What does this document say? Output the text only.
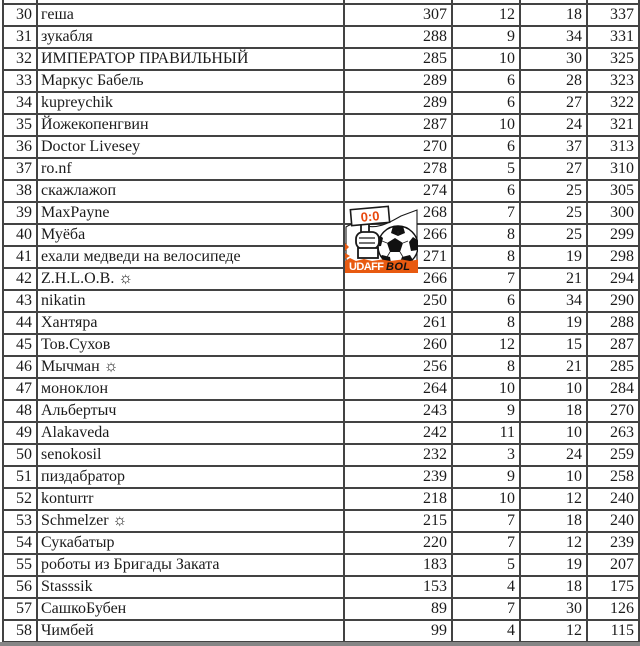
30	геша	307	12	18	337
31	зукабля	288	9	34	331
32	ИМПЕРАТОР ПРАВИЛЬНЫЙ	285	10	30	325
33	Маркус Бабель	289	6	28	323
34	kupreychik	289	6	27	322
35	Йожекопенгвин	287	10	24	321
36	Doctor Livesey	270	6	37	313
37	ro.nf	278	5	27	310
38	скажлажоп	274	6	25	305
39	MaxPayne	268	7	25	300
40	Муёба	266	8	25	299
41	ехали медведи на велосипеде	271	8	19	298
42	Z.H.L.O.B. ☼	266	7	21	294
43	nikatin	250	6	34	290
44	Хантяра	261	8	19	288
45	Тов.Сухов	260	12	15	287
46	Мычман ☼	256	8	21	285
47	моноклон	264	10	10	284
48	Альбертыч	243	9	18	270
49	Alakaveda	242	11	10	263
50	senokosil	232	3	24	259
51	пиздабратор	239	9	10	258
52	konturrr	218	10	12	240
53	Schmelzer ☼	215	7	18	240
54	Сукабатыр	220	7	12	239
55	роботы из Бригады Заката	183	5	19	207
56	Stasssik	153	4	18	175
57	СашкоБубен	89	7	30	126
58	Чимбей	99	4	12	115
0:0
UDAFF BOL
